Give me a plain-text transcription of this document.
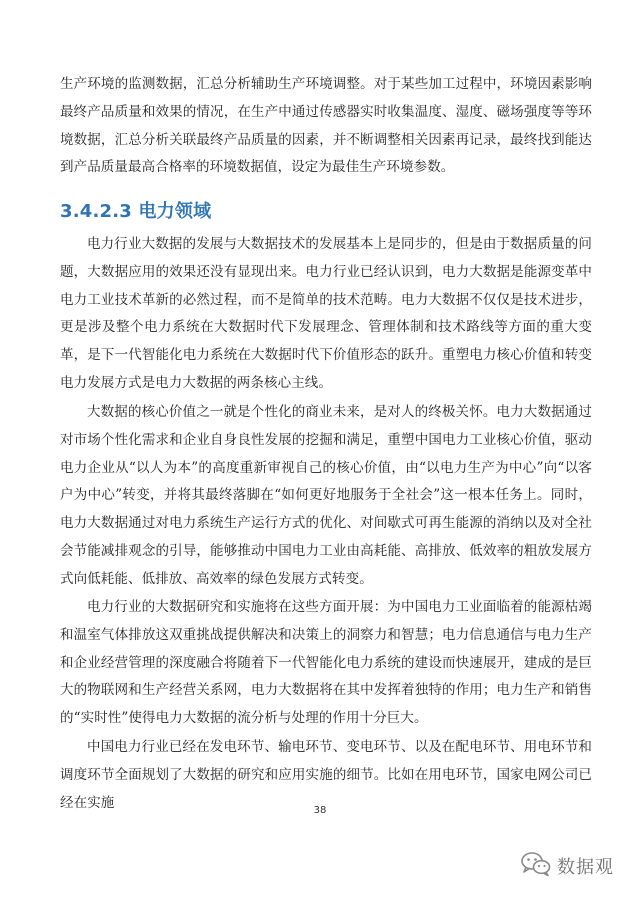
生产环境的监测数据，汇总分析辅助生产环境调整。对于某些加工过程中，环境因素影响最终产品质量和效果的情况，在生产中通过传感器实时收集温度、湿度、磁场强度等等环境数据，汇总分析关联最终产品质量的因素，并不断调整相关因素再记录，最终找到能达到产品质量最高合格率的环境数据值，设定为最佳生产环境参数。

3.4.2.3 电力领域

电力行业大数据的发展与大数据技术的发展基本上是同步的，但是由于数据质量的问题，大数据应用的效果还没有显现出来。电力行业已经认识到，电力大数据是能源变革中电力工业技术革新的必然过程，而不是简单的技术范畴。电力大数据不仅仅是技术进步，更是涉及整个电力系统在大数据时代下发展理念、管理体制和技术路线等方面的重大变革，是下一代智能化电力系统在大数据时代下价值形态的跃升。重塑电力核心价值和转变电力发展方式是电力大数据的两条核心主线。

大数据的核心价值之一就是个性化的商业未来，是对人的终极关怀。电力大数据通过对市场个性化需求和企业自身良性发展的挖掘和满足，重塑中国电力工业核心价值，驱动电力企业从“以人为本”的高度重新审视自己的核心价值，由“以电力生产为中心”向“以客户为中心”转变，并将其最终落脚在“如何更好地服务于全社会”这一根本任务上。同时，电力大数据通过对电力系统生产运行方式的优化、对间歇式可再生能源的消纳以及对全社会节能减排观念的引导，能够推动中国电力工业由高耗能、高排放、低效率的粗放发展方式向低耗能、低排放、高效率的绿色发展方式转变。

电力行业的大数据研究和实施将在这些方面开展：为中国电力工业面临着的能源枯竭和温室气体排放这双重挑战提供解决和决策上的洞察力和智慧；电力信息通信与电力生产和企业经营管理的深度融合将随着下一代智能化电力系统的建设而快速展开，建成的是巨大的物联网和生产经营关系网，电力大数据将在其中发挥着独特的作用；电力生产和销售的“实时性”使得电力大数据的流分析与处理的作用十分巨大。

中国电力行业已经在发电环节、输电环节、变电环节、以及在配电环节、用电环节和调度环节全面规划了大数据的研究和应用实施的细节。比如在用电环节，国家电网公司已经在实施	38
数据观
